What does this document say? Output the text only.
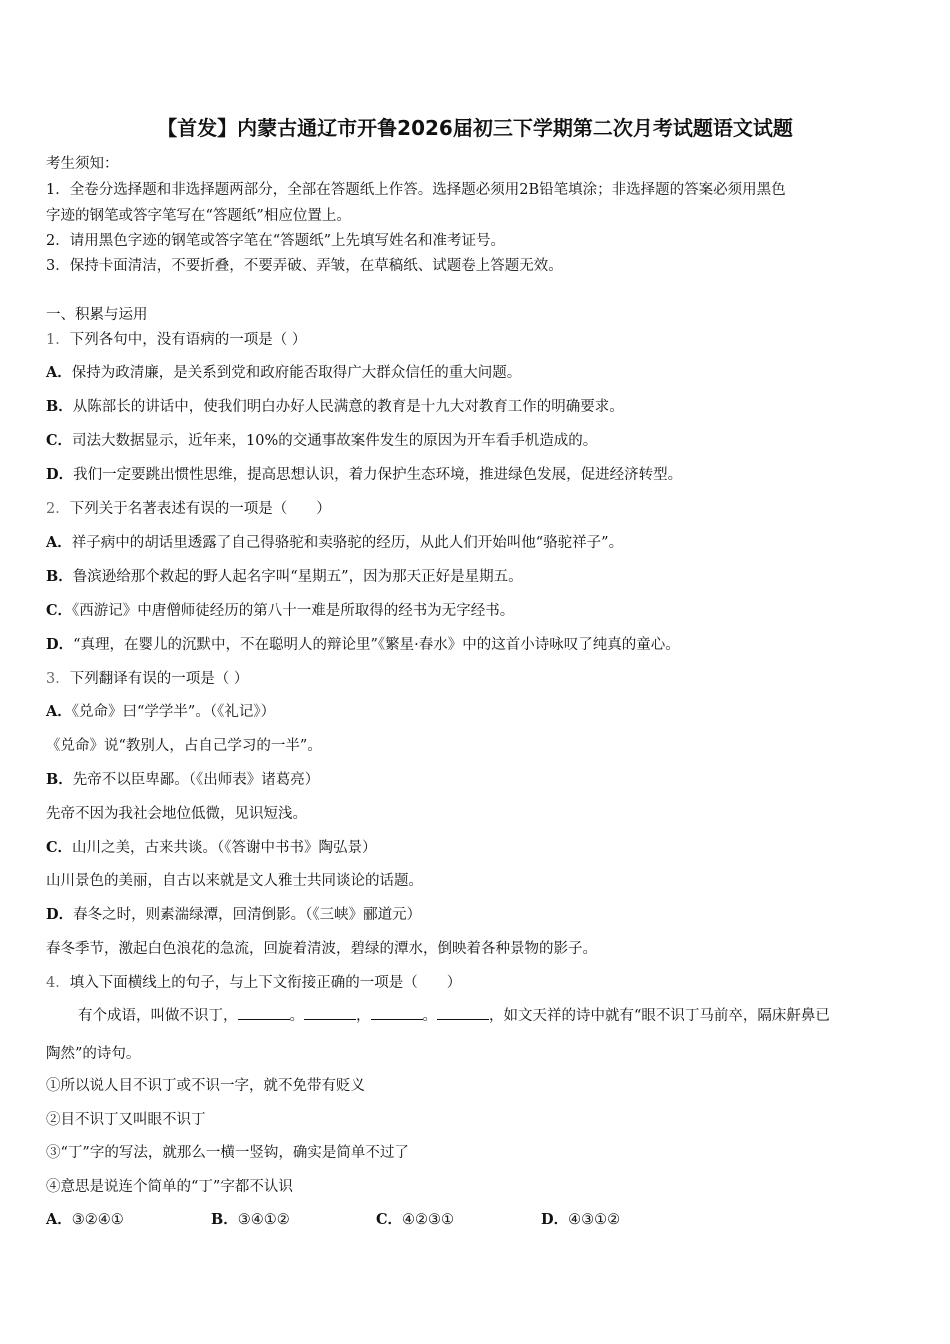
【首发】内蒙古通辽市开鲁2026届初三下学期第二次月考试题语文试题
考生须知：
1．全卷分选择题和非选择题两部分，全部在答题纸上作答。选择题必须用2B铅笔填涂；非选择题的答案必须用黑色
字迹的钢笔或答字笔写在“答题纸”相应位置上。
2．请用黑色字迹的钢笔或答字笔在“答题纸”上先填写姓名和准考证号。
3．保持卡面清洁，不要折叠，不要弄破、弄皱，在草稿纸、试题卷上答题无效。
一、积累与运用
1．下列各句中，没有语病的一项是（ ）
A．保持为政清廉，是关系到党和政府能否取得广大群众信任的重大问题。
B．从陈部长的讲话中，使我们明白办好人民满意的教育是十九大对教育工作的明确要求。
C．司法大数据显示，近年来，10%的交通事故案件发生的原因为开车看手机造成的。
D．我们一定要跳出惯性思维，提高思想认识，着力保护生态环境，推进绿色发展，促进经济转型。
2．下列关于名著表述有误的一项是（　　）
A．祥子病中的胡话里透露了自己得骆驼和卖骆驼的经历，从此人们开始叫他“骆驼祥子”。
B．鲁滨逊给那个救起的野人起名字叫“星期五”，因为那天正好是星期五。
C．《西游记》中唐僧师徒经历的第八十一难是所取得的经书为无字经书。
D．“真理，在婴儿的沉默中，不在聪明人的辩论里”《繁星·春水》中的这首小诗咏叹了纯真的童心。
3．下列翻译有误的一项是（ ）
A．《兑命》曰“学学半”。（《礼记》）
《兑命》说“教别人，占自己学习的一半”。
B．先帝不以臣卑鄙。（《出师表》诸葛亮）
先帝不因为我社会地位低微，见识短浅。
C．山川之美，古来共谈。（《答谢中书书》陶弘景）
山川景色的美丽，自古以来就是文人雅士共同谈论的话题。
D．春冬之时，则素湍绿潭，回清倒影。（《三峡》郦道元）
春冬季节，激起白色浪花的急流，回旋着清波，碧绿的潭水，倒映着各种景物的影子。
4．填入下面横线上的句子，与上下文衔接正确的一项是（　　）
有个成语，叫做不识丁，	。	，	。	，如文天祥的诗中就有“眼不识丁马前卒，隔床鼾鼻已
陶然”的诗句。
①所以说人目不识丁或不识一字，就不免带有贬义
②目不识丁又叫眼不识丁
③“丁”字的写法，就那么一横一竖钩，确实是简单不过了
④意思是说连个简单的“丁”字都不认识
A．③②④①	B．③④①②	C．④②③①	D．④③①②
